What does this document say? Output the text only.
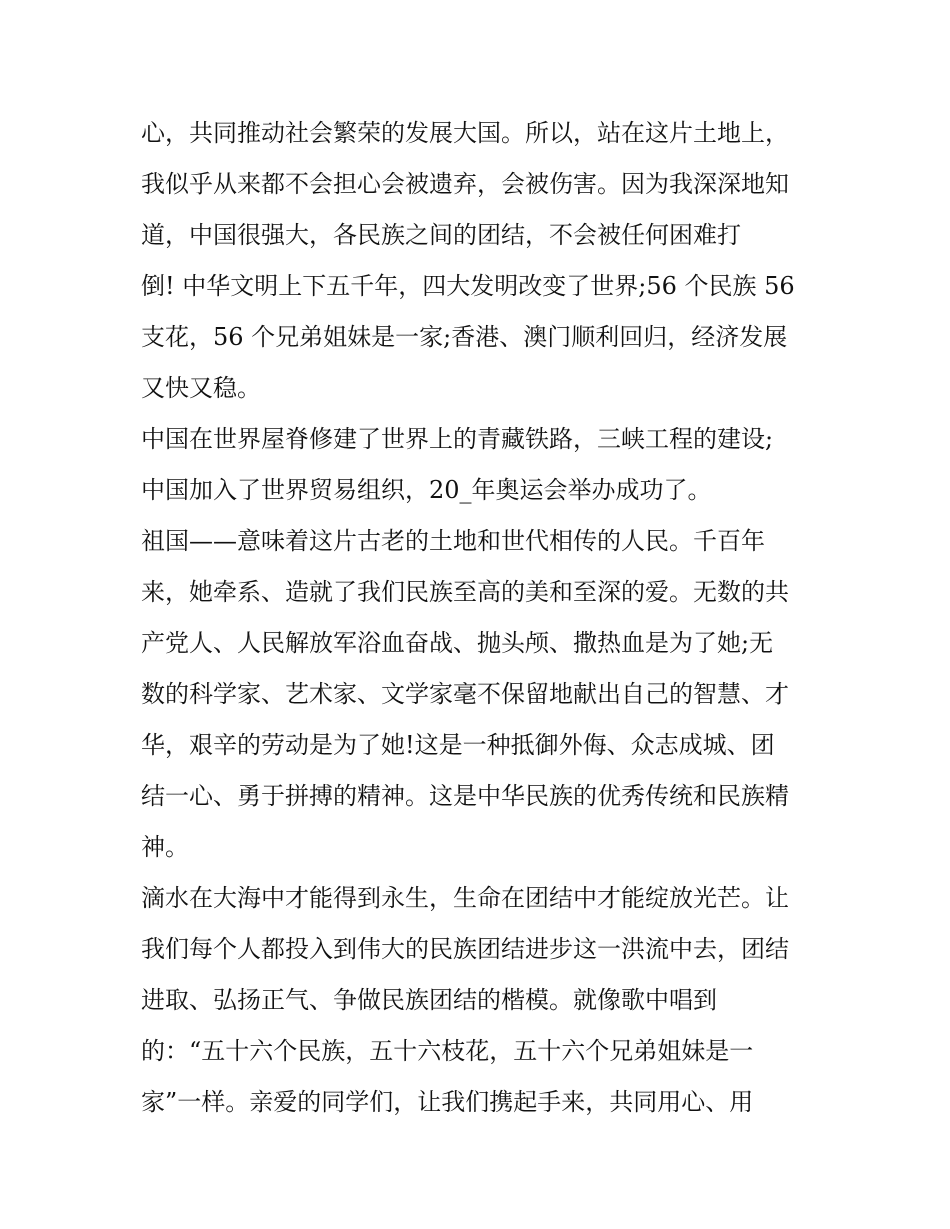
心，共同推动社会繁荣的发展大国。所以，站在这片土地上，
我似乎从来都不会担心会被遗弃，会被伤害。因为我深深地知
道，中国很强大，各民族之间的团结，不会被任何困难打
倒! 中华文明上下五千年，四大发明改变了世界;56 个民族 56
支花，56 个兄弟姐妹是一家;香港、澳门顺利回归，经济发展
又快又稳。
中国在世界屋脊修建了世界上的青藏铁路，三峡工程的建设;
中国加入了世界贸易组织，20_年奥运会举办成功了。
祖国——意味着这片古老的土地和世代相传的人民。千百年
来，她牵系、造就了我们民族至高的美和至深的爱。无数的共
产党人、人民解放军浴血奋战、抛头颅、撒热血是为了她;无
数的科学家、艺术家、文学家毫不保留地献出自己的智慧、才
华，艰辛的劳动是为了她!这是一种抵御外侮、众志成城、团
结一心、勇于拼搏的精神。这是中华民族的优秀传统和民族精
神。
滴水在大海中才能得到永生，生命在团结中才能绽放光芒。让
我们每个人都投入到伟大的民族团结进步这一洪流中去，团结
进取、弘扬正气、争做民族团结的楷模。就像歌中唱到
的：“五十六个民族，五十六枝花，五十六个兄弟姐妹是一
家”一样。亲爱的同学们，让我们携起手来，共同用心、用
